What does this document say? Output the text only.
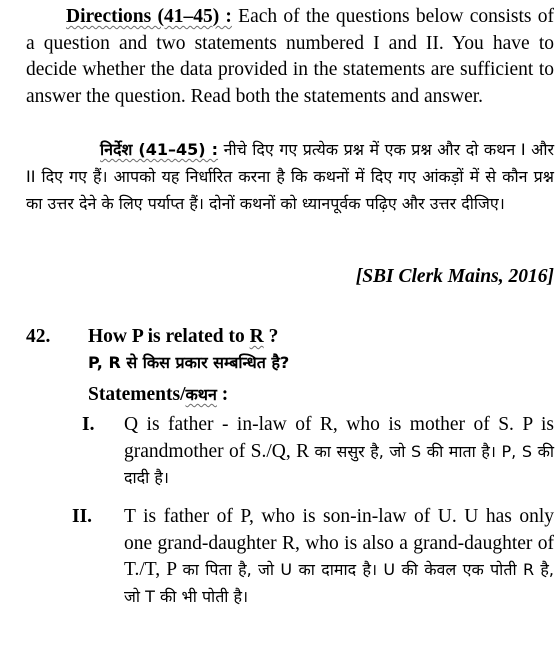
Directions (41–45) : Each of the questions below consists of a question and two statements numbered I and II. You have to decide whether the data provided in the statements are sufficient to answer the question. Read both the statements and answer.
निर्देश (41–45) : नीचे दिए गए प्रत्येक प्रश्न में एक प्रश्न और दो कथन I और II दिए गए हैं। आपको यह निर्धारित करना है कि कथनों में दिए गए आंकड़ों में से कौन प्रश्न का उत्तर देने के लिए पर्याप्त हैं। दोनों कथनों को ध्यानपूर्वक पढ़िए और उत्तर दीजिए।
[SBI Clerk Mains, 2016]
42. How P is related to R ?
P, R से किस प्रकार सम्बन्धित है?
Statements/कथन :
I. Q is father - in-law of R, who is mother of S. P is grandmother of S./Q, R का ससुर है, जो S की माता है। P, S की दादी है।
II. T is father of P, who is son-in-law of U. U has only one grand-daughter R, who is also a grand-daughter of T./T, P का पिता है, जो U का दामाद है। U की केवल एक पोती R है, जो T की भी पोती है।
